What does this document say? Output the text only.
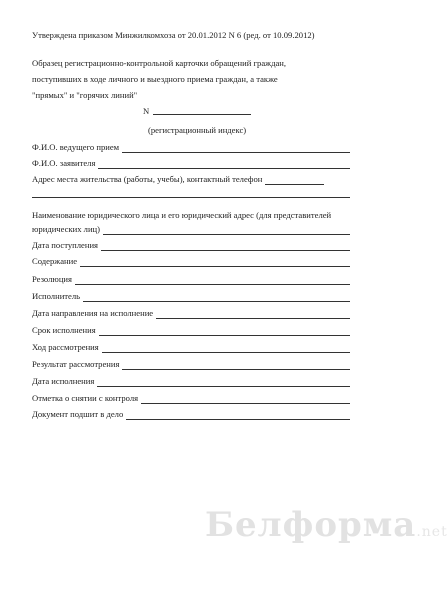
Утверждена приказом Минжилкомхоза от 20.01.2012 N 6 (ред. от 10.09.2012)
Образец регистрационно-контрольной карточки обращений граждан,
поступивших в ходе личного и выездного приема граждан, а также
"прямых" и "горячих линий"
N
(регистрационный индекс)
Ф.И.О. ведущего прием
Ф.И.О. заявителя
Адрес места жительства (работы, учебы), контактный телефон
Наименование юридического лица и его юридический адрес (для представителей
юридических лиц)
Дата поступления
Содержание
Резолюция
Исполнитель
Дата направления на исполнение
Срок исполнения
Ход рассмотрения
Результат рассмотрения
Дата исполнения
Отметка о снятии с контроля
Документ подшит в дело
Белформа.net
